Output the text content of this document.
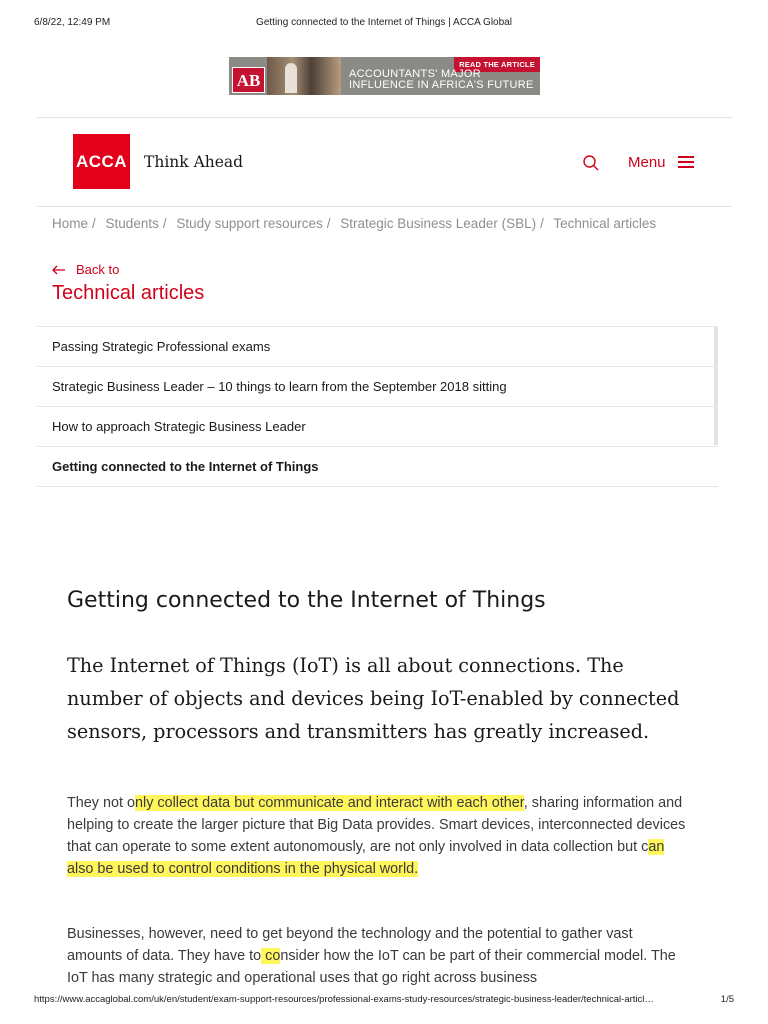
6/8/22, 12:49 PM	Getting connected to the Internet of Things | ACCA Global
AB
READ THE ARTICLE
ACCOUNTANTS' MAJOR
INFLUENCE IN AFRICA'S FUTURE
ACCA Think Ahead	Menu
Home / Students / Study support resources / Strategic Business Leader (SBL) / Technical articles
Back to
Technical articles
Passing Strategic Professional exams
Strategic Business Leader – 10 things to learn from the September 2018 sitting
How to approach Strategic Business Leader
Getting connected to the Internet of Things
Getting connected to the Internet of Things

The Internet of Things (IoT) is all about connections. The number of objects and devices being IoT-enabled by connected sensors, processors and transmitters has greatly increased.

They not only collect data but communicate and interact with each other, sharing information and helping to create the larger picture that Big Data provides. Smart devices, interconnected devices that can operate to some extent autonomously, are not only involved in data collection but can also be used to control conditions in the physical world.

Businesses, however, need to get beyond the technology and the potential to gather vast amounts of data. They have to consider how the IoT can be part of their commercial model. The IoT has many strategic and operational uses that go right across business

https://www.accaglobal.com/uk/en/student/exam-support-resources/professional-exams-study-resources/strategic-business-leader/technical-articl…	1/5
